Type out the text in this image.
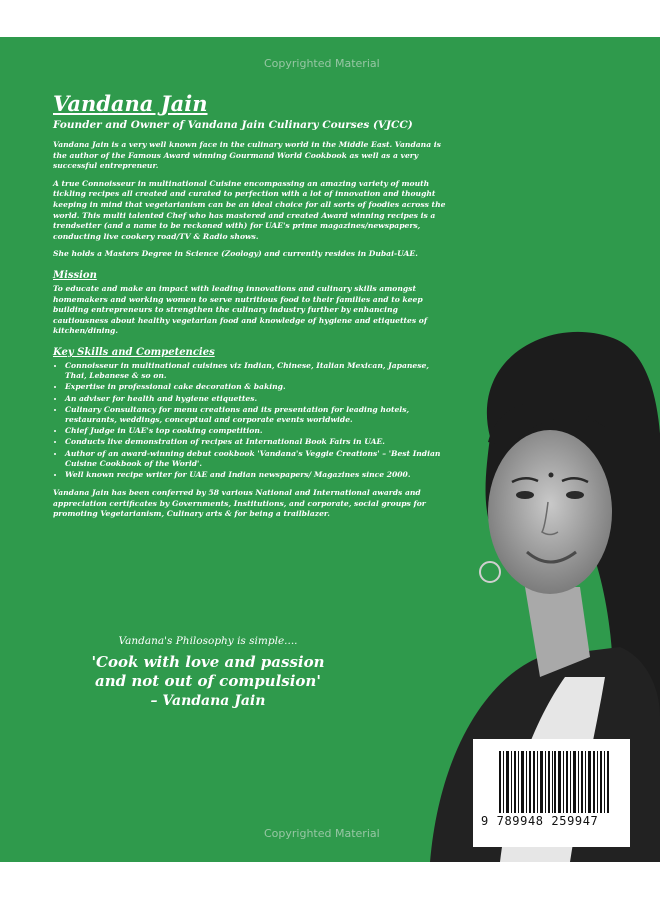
Copyrighted Material
Vandana Jain
Founder and Owner of Vandana Jain Culinary Courses (VJCC)

Vandana Jain is a very well known face in the culinary world in the Middle East. Vandana is the author of the Famous Award winning Gourmand World Cookbook as well as a very successful entrepreneur.

A true Connoisseur in multinational Cuisine encompassing an amazing variety of mouth tickling recipes all created and curated to perfection with a lot of innovation and thought keeping in mind that vegetarianism can be an ideal choice for all sorts of foodies across the world. This multi talented Chef who has mastered and created Award winning recipes is a trendsetter (and a name to be reckoned with) for UAE's prime magazines/newspapers, conducting live cookery road/TV & Radio shows.

She holds a Masters Degree in Science (Zoology) and currently resides in Dubai-UAE.

Mission

To educate and make an impact with leading innovations and culinary skills amongst homemakers and working women to serve nutritious food to their families and to keep building entrepreneurs to strengthen the culinary industry further by enhancing cautiousness about healthy vegetarian food and knowledge of hygiene and etiquettes of kitchen/dining.

Key Skills and Competencies
• Connoisseur in multinational cuisines viz Indian, Chinese, Italian Mexican, Japanese, Thai, Lebanese & so on.
• Expertise in professional cake decoration & baking.
• An adviser for health and hygiene etiquettes.
• Culinary Consultancy for menu creations and its presentation for leading hotels, restaurants, weddings, conceptual and corporate events worldwide.
• Chief Judge in UAE's top cooking competition.
• Conducts live demonstration of recipes at International Book Fairs in UAE.
• Author of an award-winning debut cookbook 'Vandana's Veggie Creations' – 'Best Indian Cuisine Cookbook of the World'.
• Well known recipe writer for UAE and Indian newspapers/ Magazines since 2000.

Vandana Jain has been conferred by 58 various National and International awards and appreciation certificates by Governments, Institutions, and corporate, social groups for promoting Vegetarianism, Culinary arts & for being a trailblazer.

Vandana's Philosophy is simple....
'Cook with love and passion
and not out of compulsion'
– Vandana Jain
9 789948 259947
Copyrighted Material
